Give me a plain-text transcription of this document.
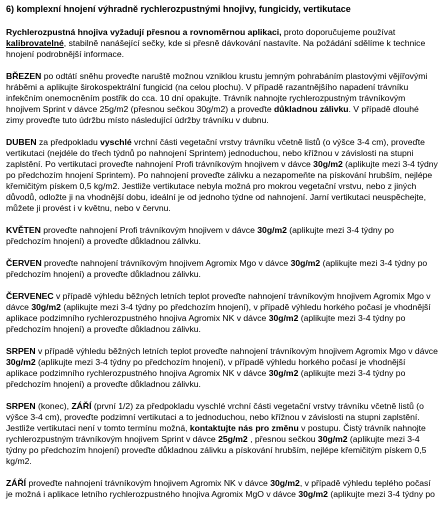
6) komplexní hnojení výhradně rychlerozpustnými hnojivy, fungicidy, vertikutace

Rychlerozpustná hnojiva vyžadují přesnou a rovnoměrnou aplikaci, proto doporučujeme používat kalibrovatelné, stabilně nanášející sečky, kde si přesně dávkování nastavíte. Na požádání sdělíme k technice hnojení podrobnější informace.

BŘEZEN po odtátí sněhu proveďte naruště možnou vzniklou krustu jemným pohrabáním plastovými vějířovými hráběmi a aplikujte širokospektrální fungicid (na celou plochu). V případě razantnějšího napadení trávníku infekčním onemocněním postřik do cca. 10 dní opakujte. Trávník nahnojte rychlerozpustným trávníkovým hnojivem Sprint v dávce 25g/m2 (přesnou sečkou 30g/m2) a proveďte důkladnou zálivku. V případě dlouhé zimy proveďte tuto údržbu místo následující údržby trávníku v dubnu.

DUBEN za předpokladu vyschlé vrchní části vegetační vrstvy trávníku včetně listů (o výšce 3-4 cm), proveďte vertikutaci (nejdéle do třech týdnů po nahnojení Sprintem) jednoduchou, nebo křížnou v závislosti na stupni zaplstění. Po vertikutaci proveďte nahnojení Profi trávníkovým hnojivem v dávce 30g/m2 (aplikujte mezi 3-4 týdny po předchozím hnojení Sprintem). Po nahnojení proveďte zálivku a nezapomeňte na pískování hrubším, nejlépe křemičitým pískem 0,5 kg/m2. Jestliže vertikutace nebyla možná pro mokrou vegetační vrstvu, nebo z jiných důvodů, odložte ji na vhodnější dobu, ideální je od jednoho týdne od nahnojení. Jarní vertikutaci neuspěchejte, můžete ji provést i v květnu, nebo v červnu.

KVĚTEN proveďte nahnojení Profi trávníkovým hnojivem v dávce 30g/m2 (aplikujte mezi 3-4 týdny po předchozím hnojení) a proveďte důkladnou zálivku.

ČERVEN proveďte nahnojení trávníkovým hnojivem Agromix Mgo v dávce 30g/m2 (aplikujte mezi 3-4 týdny po předchozím hnojení) a proveďte důkladnou zálivku.

ČERVENEC v případě výhledu běžných letních teplot proveďte nahnojení trávníkovým hnojivem Agromix Mgo v dávce 30g/m2 (aplikujte mezi 3-4 týdny po předchozím hnojení), v případě výhledu horkého počasí je vhodnější aplikace podzimního rychlerozpustného hnojiva Agromix NK v dávce 30g/m2 (aplikujte mezi 3-4 týdny po předchozím hnojení) a proveďte důkladnou zálivku.

SRPEN v případě výhledu běžných letních teplot proveďte nahnojení trávníkovým hnojivem Agromix Mgo v dávce 30g/m2 (aplikujte mezi 3-4 týdny po předchozím hnojení), v případě výhledu horkého počasí je vhodnější aplikace podzimního rychlerozpustného hnojiva Agromix NK v dávce 30g/m2 (aplikujte mezi 3-4 týdny po předchozím hnojení) a proveďte důkladnou zálivku.

SRPEN (konec), ZÁŘÍ (první 1/2) za předpokladu vyschlé vrchní části vegetační vrstvy trávníku včetně listů (o výšce 3-4 cm), proveďte podzimní vertikutaci a to jednoduchou, nebo křížnou v závislosti na stupni zaplstění. Jestliže vertikutaci není v tomto termínu možná, kontaktujte nás pro změnu v postupu. Čistý trávník nahnojte rychlerozpustným trávníkovým hnojivem Sprint v dávce 25g/m2 , přesnou sečkou 30g/m2 (aplikujte mezi 3-4 týdny po předchozím hnojení) proveďte důkladnou zálivku a pískování hrubším, nejlépe křemičitým pískem 0,5 kg/m2.

ZÁŘÍ proveďte nahnojení trávníkovým hnojivem Agromix NK v dávce 30g/m2, v případě výhledu teplého počasí je možná i aplikace letního rychlerozpustného hnojiva Agromix MgO v dávce 30g/m2 (aplikujte mezi 3-4 týdny po
